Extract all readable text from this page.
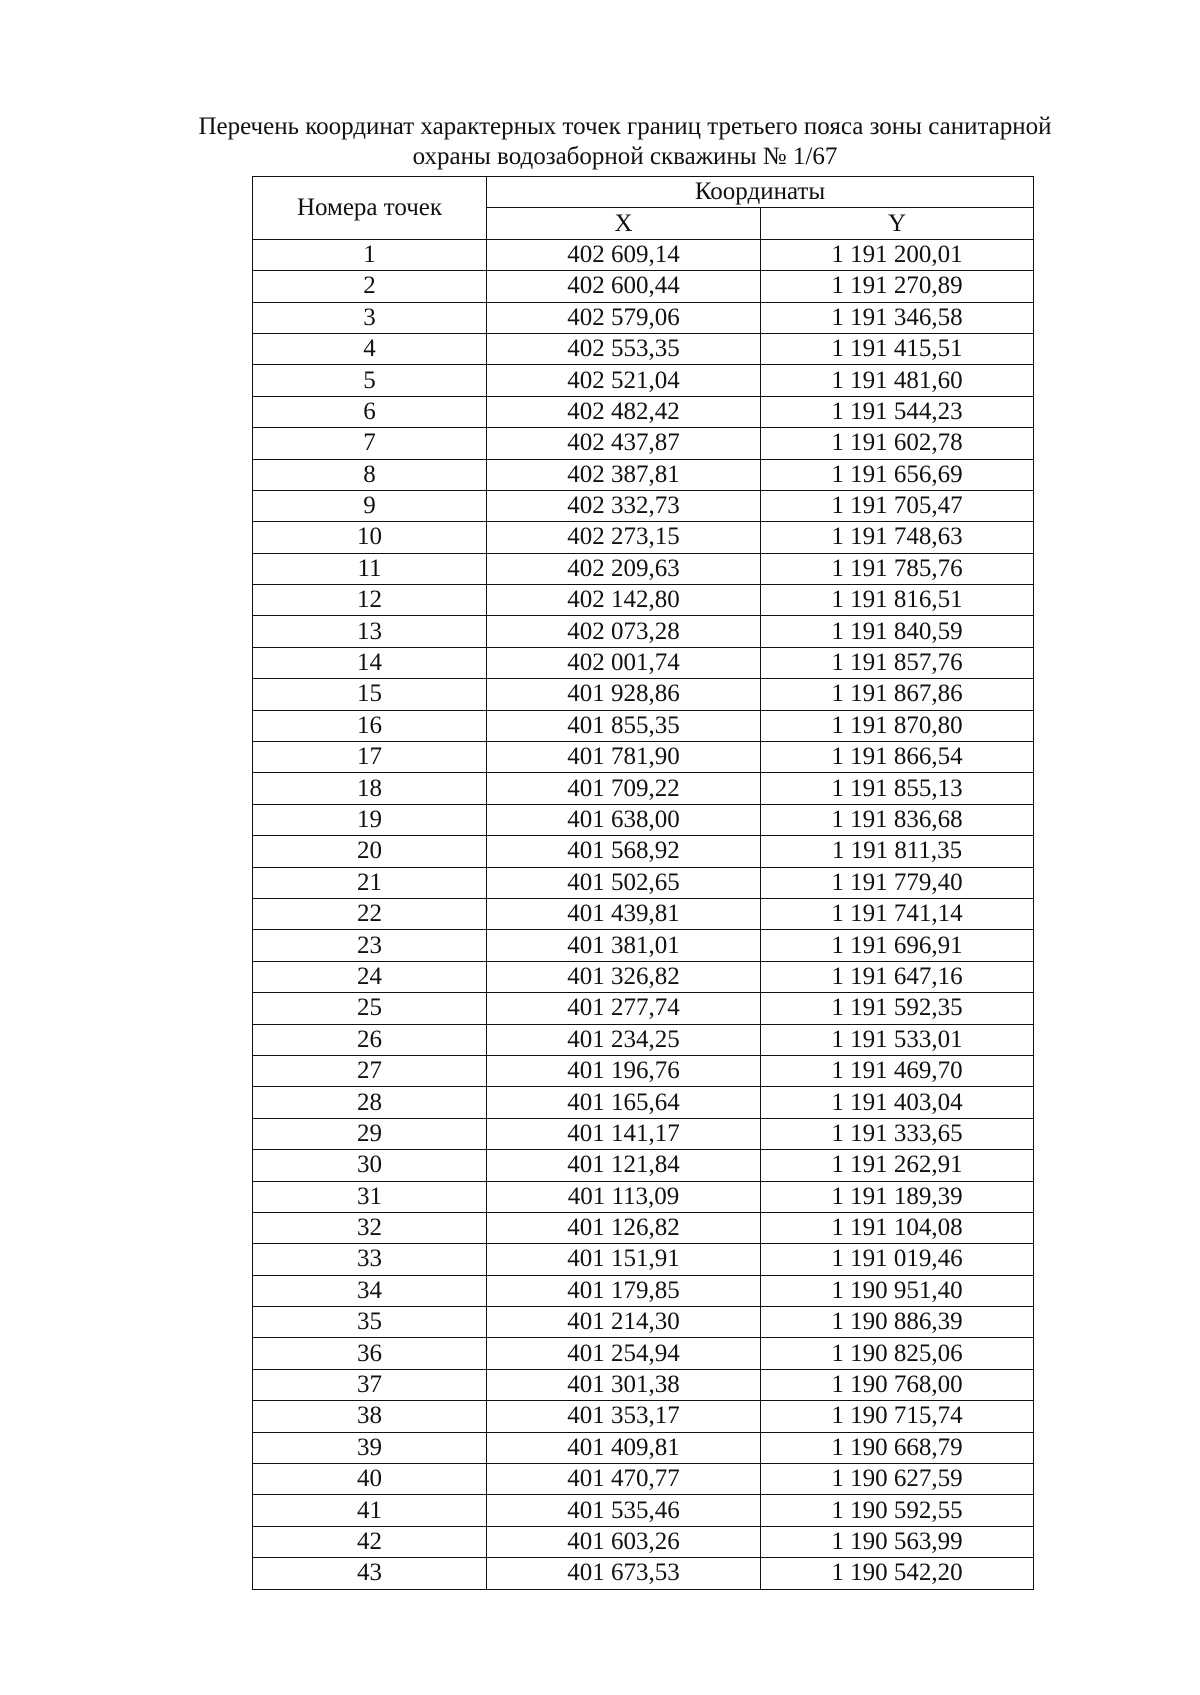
Перечень координат характерных точек границ третьего пояса зоны санитарной
охраны водозаборной скважины № 1/67
Номера точек	Координаты	
	X	Y
1	402 609,14	1 191 200,01
2	402 600,44	1 191 270,89
3	402 579,06	1 191 346,58
4	402 553,35	1 191 415,51
5	402 521,04	1 191 481,60
6	402 482,42	1 191 544,23
7	402 437,87	1 191 602,78
8	402 387,81	1 191 656,69
9	402 332,73	1 191 705,47
10	402 273,15	1 191 748,63
11	402 209,63	1 191 785,76
12	402 142,80	1 191 816,51
13	402 073,28	1 191 840,59
14	402 001,74	1 191 857,76
15	401 928,86	1 191 867,86
16	401 855,35	1 191 870,80
17	401 781,90	1 191 866,54
18	401 709,22	1 191 855,13
19	401 638,00	1 191 836,68
20	401 568,92	1 191 811,35
21	401 502,65	1 191 779,40
22	401 439,81	1 191 741,14
23	401 381,01	1 191 696,91
24	401 326,82	1 191 647,16
25	401 277,74	1 191 592,35
26	401 234,25	1 191 533,01
27	401 196,76	1 191 469,70
28	401 165,64	1 191 403,04
29	401 141,17	1 191 333,65
30	401 121,84	1 191 262,91
31	401 113,09	1 191 189,39
32	401 126,82	1 191 104,08
33	401 151,91	1 191 019,46
34	401 179,85	1 190 951,40
35	401 214,30	1 190 886,39
36	401 254,94	1 190 825,06
37	401 301,38	1 190 768,00
38	401 353,17	1 190 715,74
39	401 409,81	1 190 668,79
40	401 470,77	1 190 627,59
41	401 535,46	1 190 592,55
42	401 603,26	1 190 563,99
43	401 673,53	1 190 542,20
